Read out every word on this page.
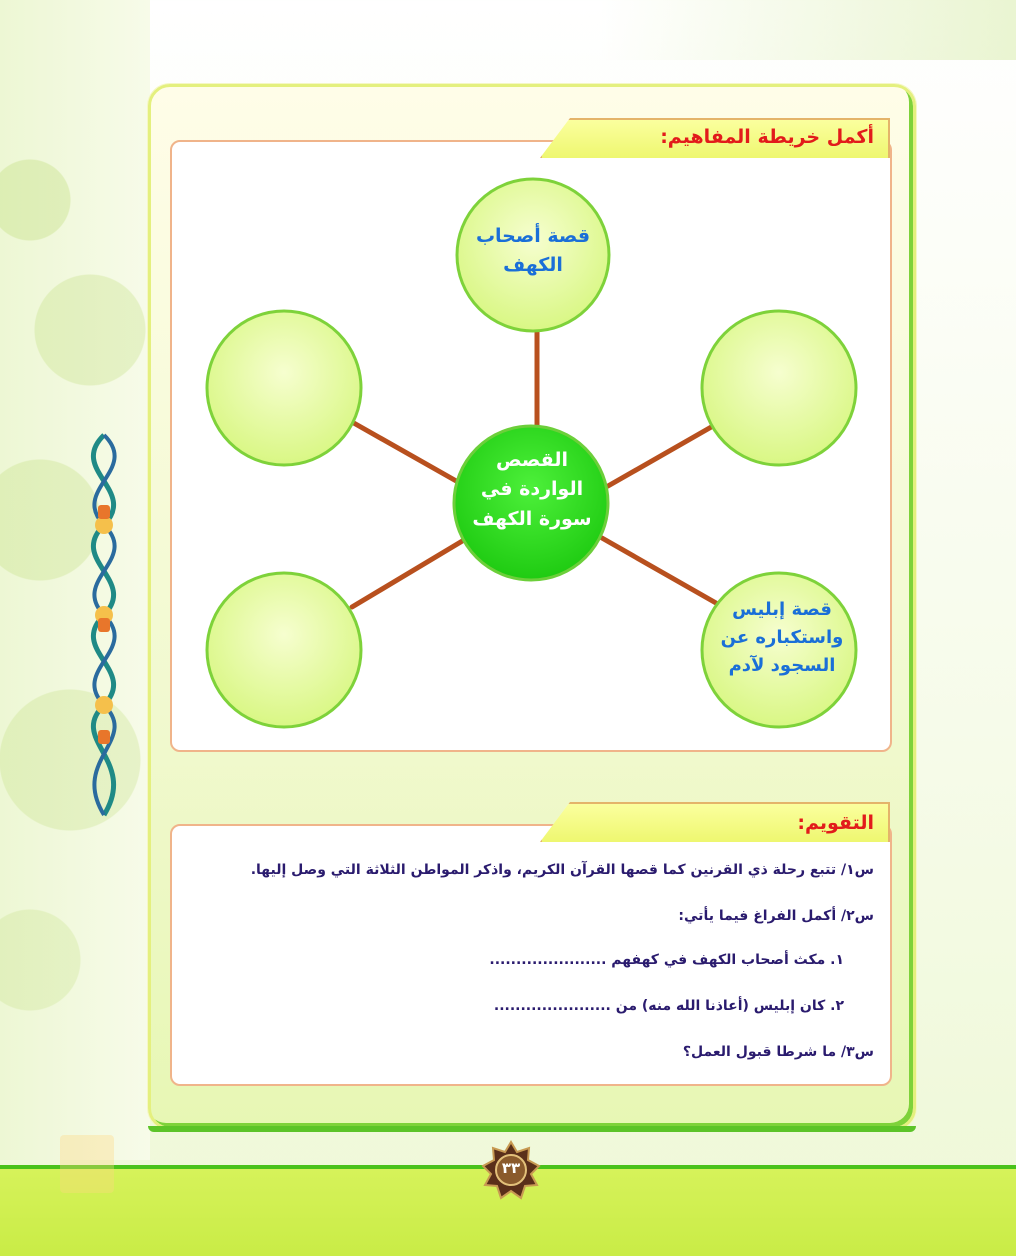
أكمل خريطة المفاهيم:
قصة أصحاب
الكهف
قصة إبليس
واستكباره عن
السجود لآدم
القصص
الواردة في
سورة الكهف
التقويم:
س١/ تتبع رحلة ذي القرنين كما قصها القرآن الكريم، واذكر المواطن الثلاثة التي وصل إليها.
س٢/ أكمل الفراغ فيما يأتي:
١. مكث أصحاب الكهف في كهفهم ......................
٢. كان إبليس (أعاذنا الله منه) من ......................
س٣/ ما شرطا قبول العمل؟
٣٣
